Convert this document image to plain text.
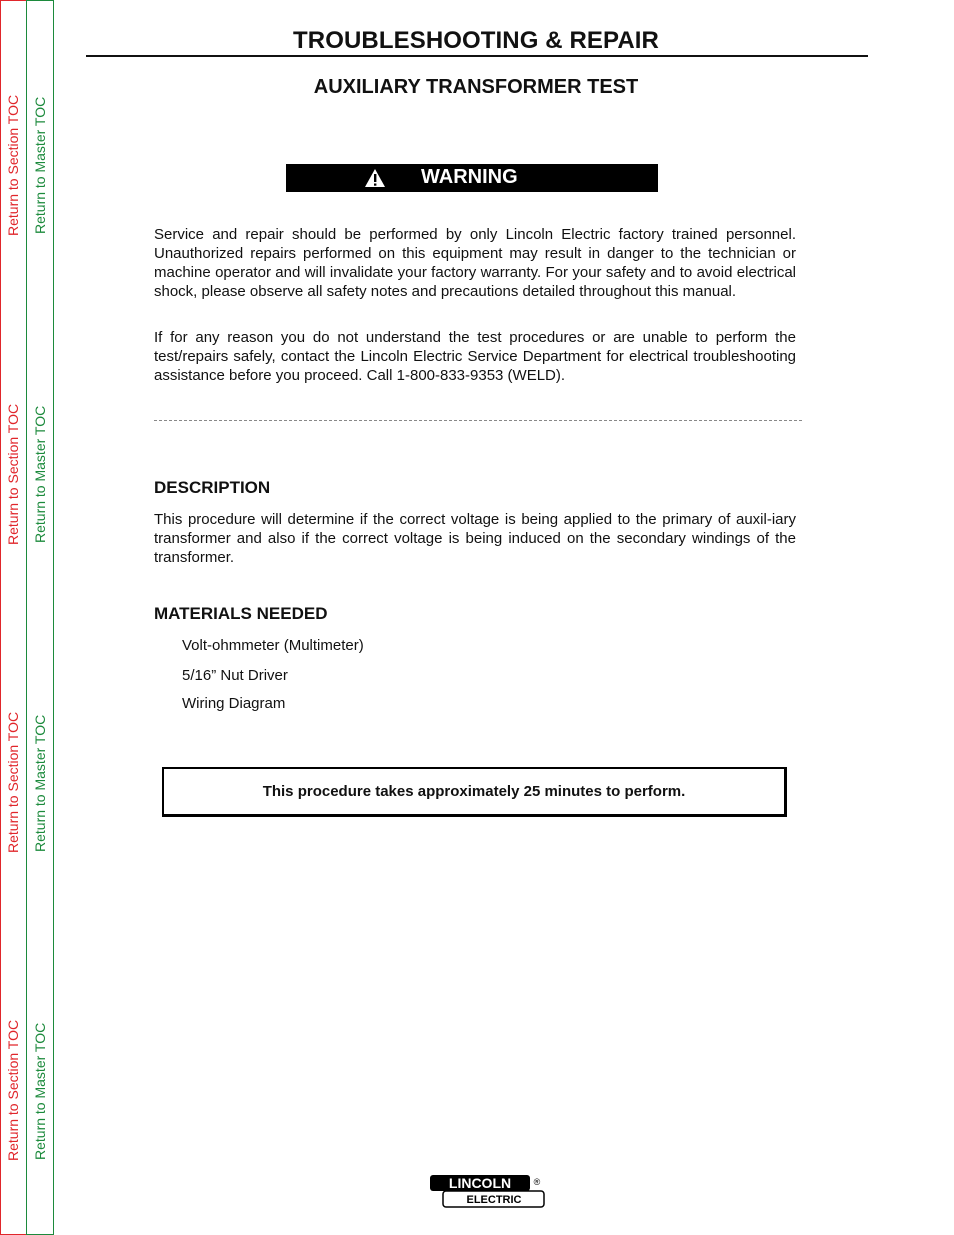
Return to Section TOC
Return to Section TOC
Return to Section TOC
Return to Section TOC
Return to Master TOC
Return to Master TOC
Return to Master TOC
Return to Master TOC
TROUBLESHOOTING & REPAIR
AUXILIARY TRANSFORMER TEST
WARNING

Service and repair should be performed by only Lincoln Electric factory trained personnel. Unauthorized repairs performed on this equipment may result in danger to the technician or machine operator and will invalidate your factory warranty. For your safety and to avoid electrical shock, please observe all safety notes and precautions detailed throughout this manual.

If for any reason you do not understand the test procedures or are unable to perform the test/repairs safely, contact the Lincoln Electric Service Department for electrical troubleshooting assistance before you proceed. Call 1-800-833-9353 (WELD).

DESCRIPTION

This procedure will determine if the correct voltage is being applied to the primary of auxil-iary transformer and also if the correct voltage is being induced on the secondary windings of the transformer.

MATERIALS NEEDED
Volt-ohmmeter (Multimeter)
5/16” Nut Driver
Wiring Diagram
This procedure takes approximately 25 minutes to perform.
LINCOLN	®
ELECTRIC
